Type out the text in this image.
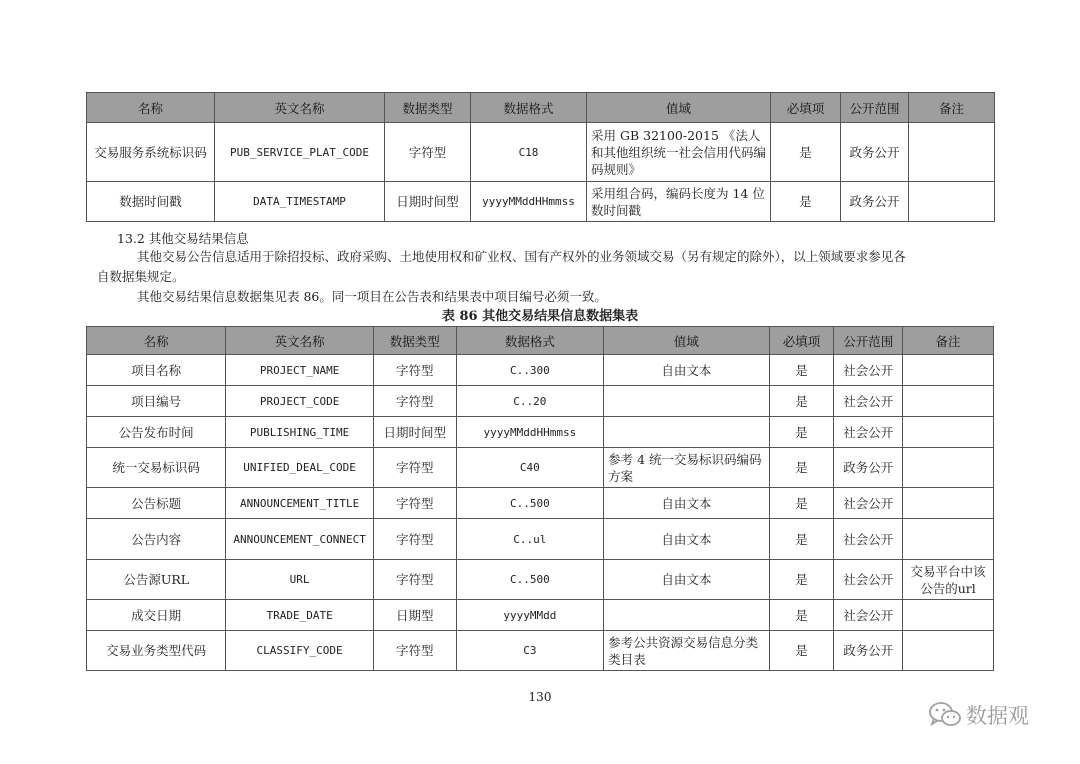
名称	英文名称	数据类型	数据格式	值域	必填项	公开范围	备注
交易服务系统标识码	PUB_SERVICE_PLAT_CODE	字符型	C18	采用 GB 32100-2015 《法人和其他组织统一社会信用代码编码规则》	是	政务公开	
数据时间戳	DATA_TIMESTAMP	日期时间型	yyyyMMddHHmmss	采用组合码，编码长度为 14 位数时间戳	是	政务公开	
13.2 其他交易结果信息
其他交易公告信息适用于除招投标、政府采购、土地使用权和矿业权、国有产权外的业务领域交易（另有规定的除外），以上领域要求参见各
自数据集规定。
其他交易结果信息数据集见表 86。同一项目在公告表和结果表中项目编号必须一致。
表 86 其他交易结果信息数据集表
名称	英文名称	数据类型	数据格式	值域	必填项	公开范围	备注
项目名称	PROJECT_NAME	字符型	C..300	自由文本	是	社会公开	
项目编号	PROJECT_CODE	字符型	C..20		是	社会公开	
公告发布时间	PUBLISHING_TIME	日期时间型	yyyyMMddHHmmss		是	社会公开	
统一交易标识码	UNIFIED_DEAL_CODE	字符型	C40	参考 4 统一交易标识码编码方案	是	政务公开	
公告标题	ANNOUNCEMENT_TITLE	字符型	C..500	自由文本	是	社会公开	
公告内容	ANNOUNCEMENT_CONNECT	字符型	C..ul	自由文本	是	社会公开	
公告源URL	URL	字符型	C..500	自由文本	是	社会公开	交易平台中该公告的url
成交日期	TRADE_DATE	日期型	yyyyMMdd		是	社会公开	
交易业务类型代码	CLASSIFY_CODE	字符型	C3	参考公共资源交易信息分类类目表	是	政务公开	
130
数据观
